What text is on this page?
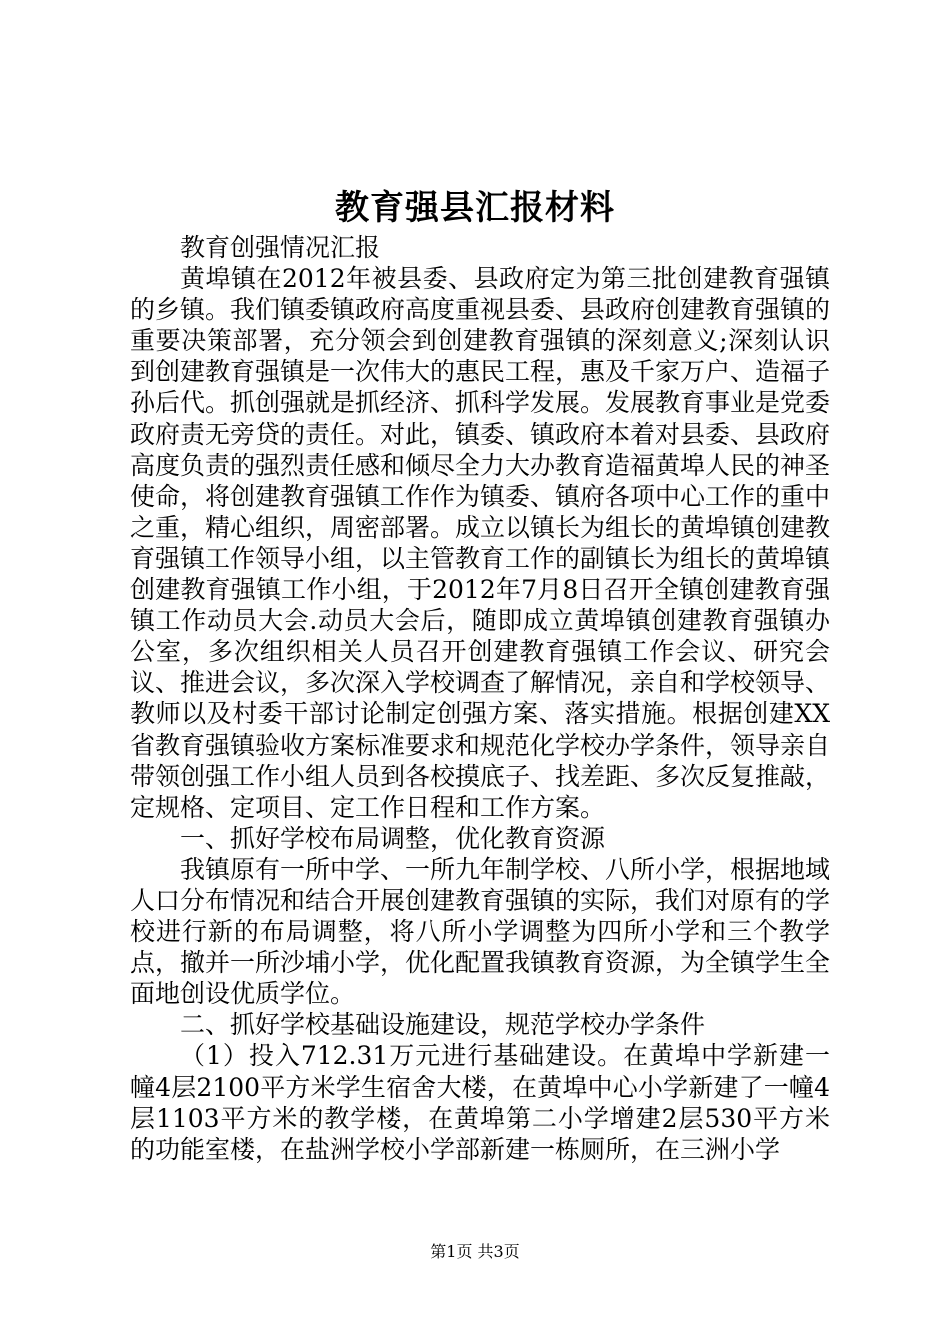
教育强县汇报材料

教育创强情况汇报

黄埠镇在2012年被县委、县政府定为第三批创建教育强镇的乡镇。我们镇委镇政府高度重视县委、县政府创建教育强镇的重要决策部署，充分领会到创建教育强镇的深刻意义;深刻认识到创建教育强镇是一次伟大的惠民工程，惠及千家万户、造福子孙后代。抓创强就是抓经济、抓科学发展。发展教育事业是党委政府责无旁贷的责任。对此，镇委、镇政府本着对县委、县政府高度负责的强烈责任感和倾尽全力大办教育造福黄埠人民的神圣使命，将创建教育强镇工作作为镇委、镇府各项中心工作的重中之重，精心组织，周密部署。成立以镇长为组长的黄埠镇创建教育强镇工作领导小组，以主管教育工作的副镇长为组长的黄埠镇创建教育强镇工作小组，于2012年7月8日召开全镇创建教育强镇工作动员大会.动员大会后，随即成立黄埠镇创建教育强镇办公室，多次组织相关人员召开创建教育强镇工作会议、研究会议、推进会议，多次深入学校调查了解情况，亲自和学校领导、教师以及村委干部讨论制定创强方案、落实措施。根据创建XX省教育强镇验收方案标准要求和规范化学校办学条件，领导亲自带领创强工作小组人员到各校摸底子、找差距、多次反复推敲，定规格、定项目、定工作日程和工作方案。

一、抓好学校布局调整，优化教育资源

我镇原有一所中学、一所九年制学校、八所小学，根据地域人口分布情况和结合开展创建教育强镇的实际，我们对原有的学校进行新的布局调整，将八所小学调整为四所小学和三个教学点，撤并一所沙埔小学，优化配置我镇教育资源，为全镇学生全面地创设优质学位。

二、抓好学校基础设施建设，规范学校办学条件

（1）投入712.31万元进行基础建设。在黄埠中学新建一幢4层2100平方米学生宿舍大楼，在黄埠中心小学新建了一幢4层1103平方米的教学楼，在黄埠第二小学增建2层530平方米的功能室楼，在盐洲学校小学部新建一栋厕所，在三洲小学

第1页 共3页
